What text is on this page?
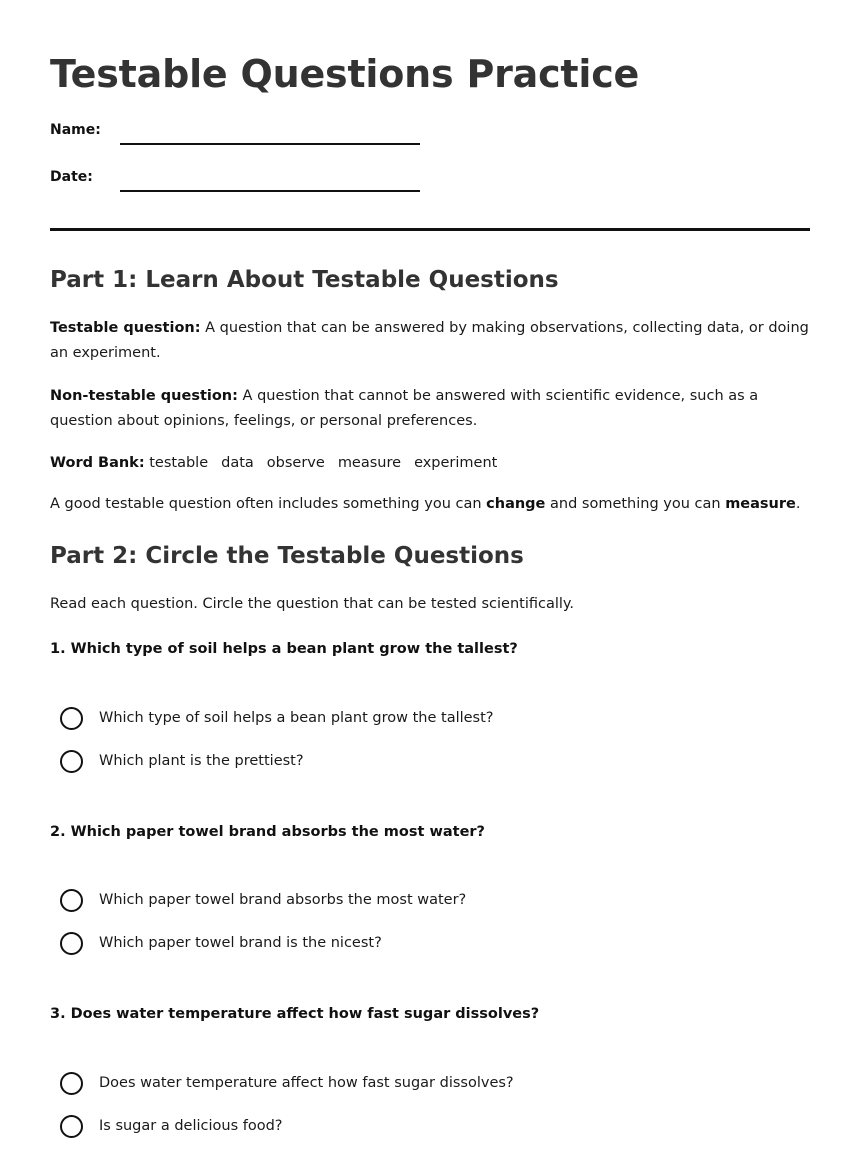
Testable Questions Practice
Name:
Date:
Part 1: Learn About Testable Questions
Testable question: A question that can be answered by making observations, collecting data, or doing an experiment.
Non-testable question: A question that cannot be answered with scientific evidence, such as a question about opinions, feelings, or personal preferences.
Word Bank: testable data observe measure experiment
A good testable question often includes something you can change and something you can measure.
Part 2: Circle the Testable Questions
Read each question. Circle the question that can be tested scientifically.
1. Which type of soil helps a bean plant grow the tallest?
Which type of soil helps a bean plant grow the tallest?
Which plant is the prettiest?
2. Which paper towel brand absorbs the most water?
Which paper towel brand absorbs the most water?
Which paper towel brand is the nicest?
3. Does water temperature affect how fast sugar dissolves?
Does water temperature affect how fast sugar dissolves?
Is sugar a delicious food?
